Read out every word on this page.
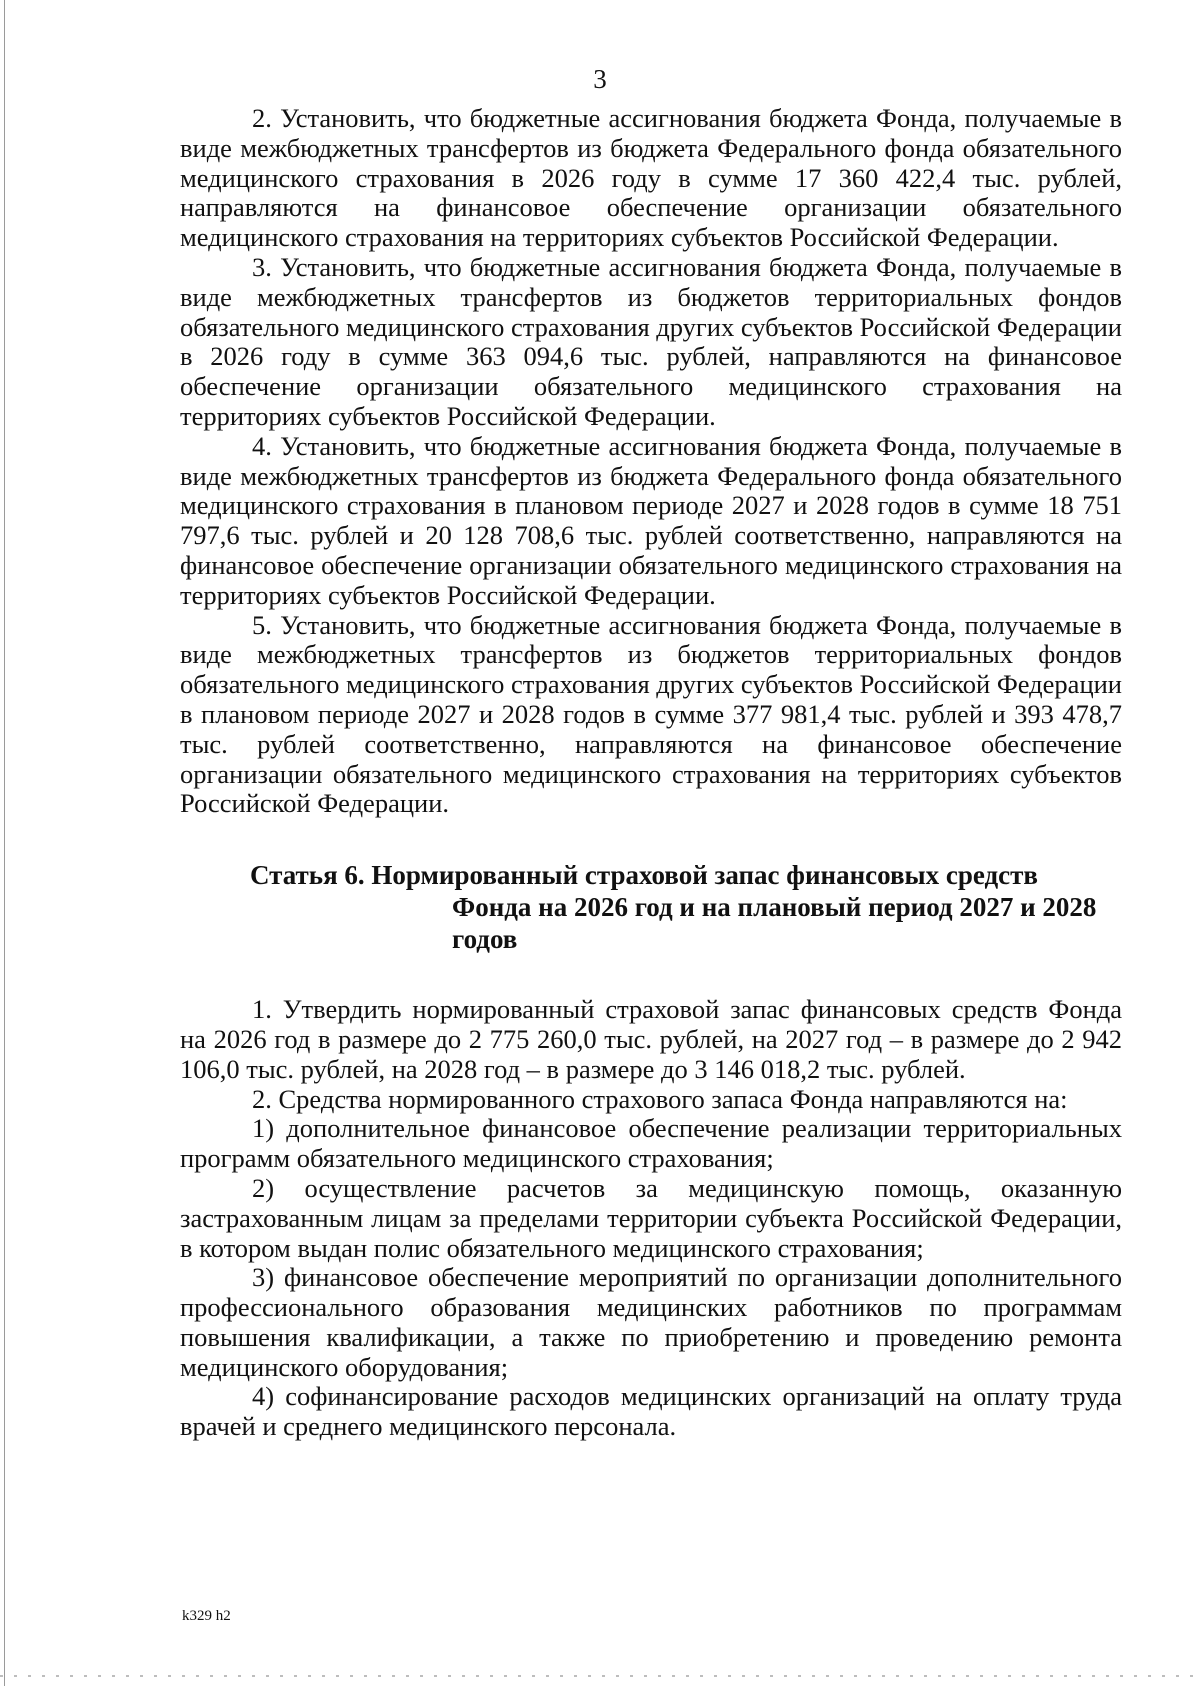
3

2. Установить, что бюджетные ассигнования бюджета Фонда, получаемые в виде межбюджетных трансфертов из бюджета Федерального фонда обязательного медицинского страхования в 2026 году в сумме 17 360 422,4 тыс. рублей, направляются на финансовое обеспечение организации обязательного медицинского страхования на территориях субъектов Российской Федерации.

3. Установить, что бюджетные ассигнования бюджета Фонда, получаемые в виде межбюджетных трансфертов из бюджетов территориальных фондов обязательного медицинского страхования других субъектов Российской Федерации в 2026 году в сумме 363 094,6 тыс. рублей, направляются на финансовое обеспечение организации обязательного медицинского страхования на территориях субъектов Российской Федерации.

4. Установить, что бюджетные ассигнования бюджета Фонда, получаемые в виде межбюджетных трансфертов из бюджета Федерального фонда обязательного медицинского страхования в плановом периоде 2027 и 2028 годов в сумме 18 751 797,6 тыс. рублей и 20 128 708,6 тыс. рублей соответственно, направляются на финансовое обеспечение организации обязательного медицинского страхования на территориях субъектов Российской Федерации.

5. Установить, что бюджетные ассигнования бюджета Фонда, получаемые в виде межбюджетных трансфертов из бюджетов территориальных фондов обязательного медицинского страхования других субъектов Российской Федерации в плановом периоде 2027 и 2028 годов в сумме 377 981,4 тыс. рублей и 393 478,7 тыс. рублей соответственно, направляются на финансовое обеспечение организации обязательного медицинского страхования на территориях субъектов Российской Федерации.

Статья 6. Нормированный страховой запас финансовых средств
Фонда на 2026 год и на плановый период 2027 и 2028 годов

1. Утвердить нормированный страховой запас финансовых средств Фонда на 2026 год в размере до 2 775 260,0 тыс. рублей, на 2027 год – в размере до 2 942 106,0 тыс. рублей, на 2028 год – в размере до 3 146 018,2 тыс. рублей.

2. Средства нормированного страхового запаса Фонда направляются на:

1) дополнительное финансовое обеспечение реализации территориальных программ обязательного медицинского страхования;

2) осуществление расчетов за медицинскую помощь, оказанную застрахованным лицам за пределами территории субъекта Российской Федерации, в котором выдан полис обязательного медицинского страхования;

3) финансовое обеспечение мероприятий по организации дополнительного профессионального образования медицинских работников по программам повышения квалификации, а также по приобретению и проведению ремонта медицинского оборудования;

4) софинансирование расходов медицинских организаций на оплату труда врачей и среднего медицинского персонала.

k329 h2
